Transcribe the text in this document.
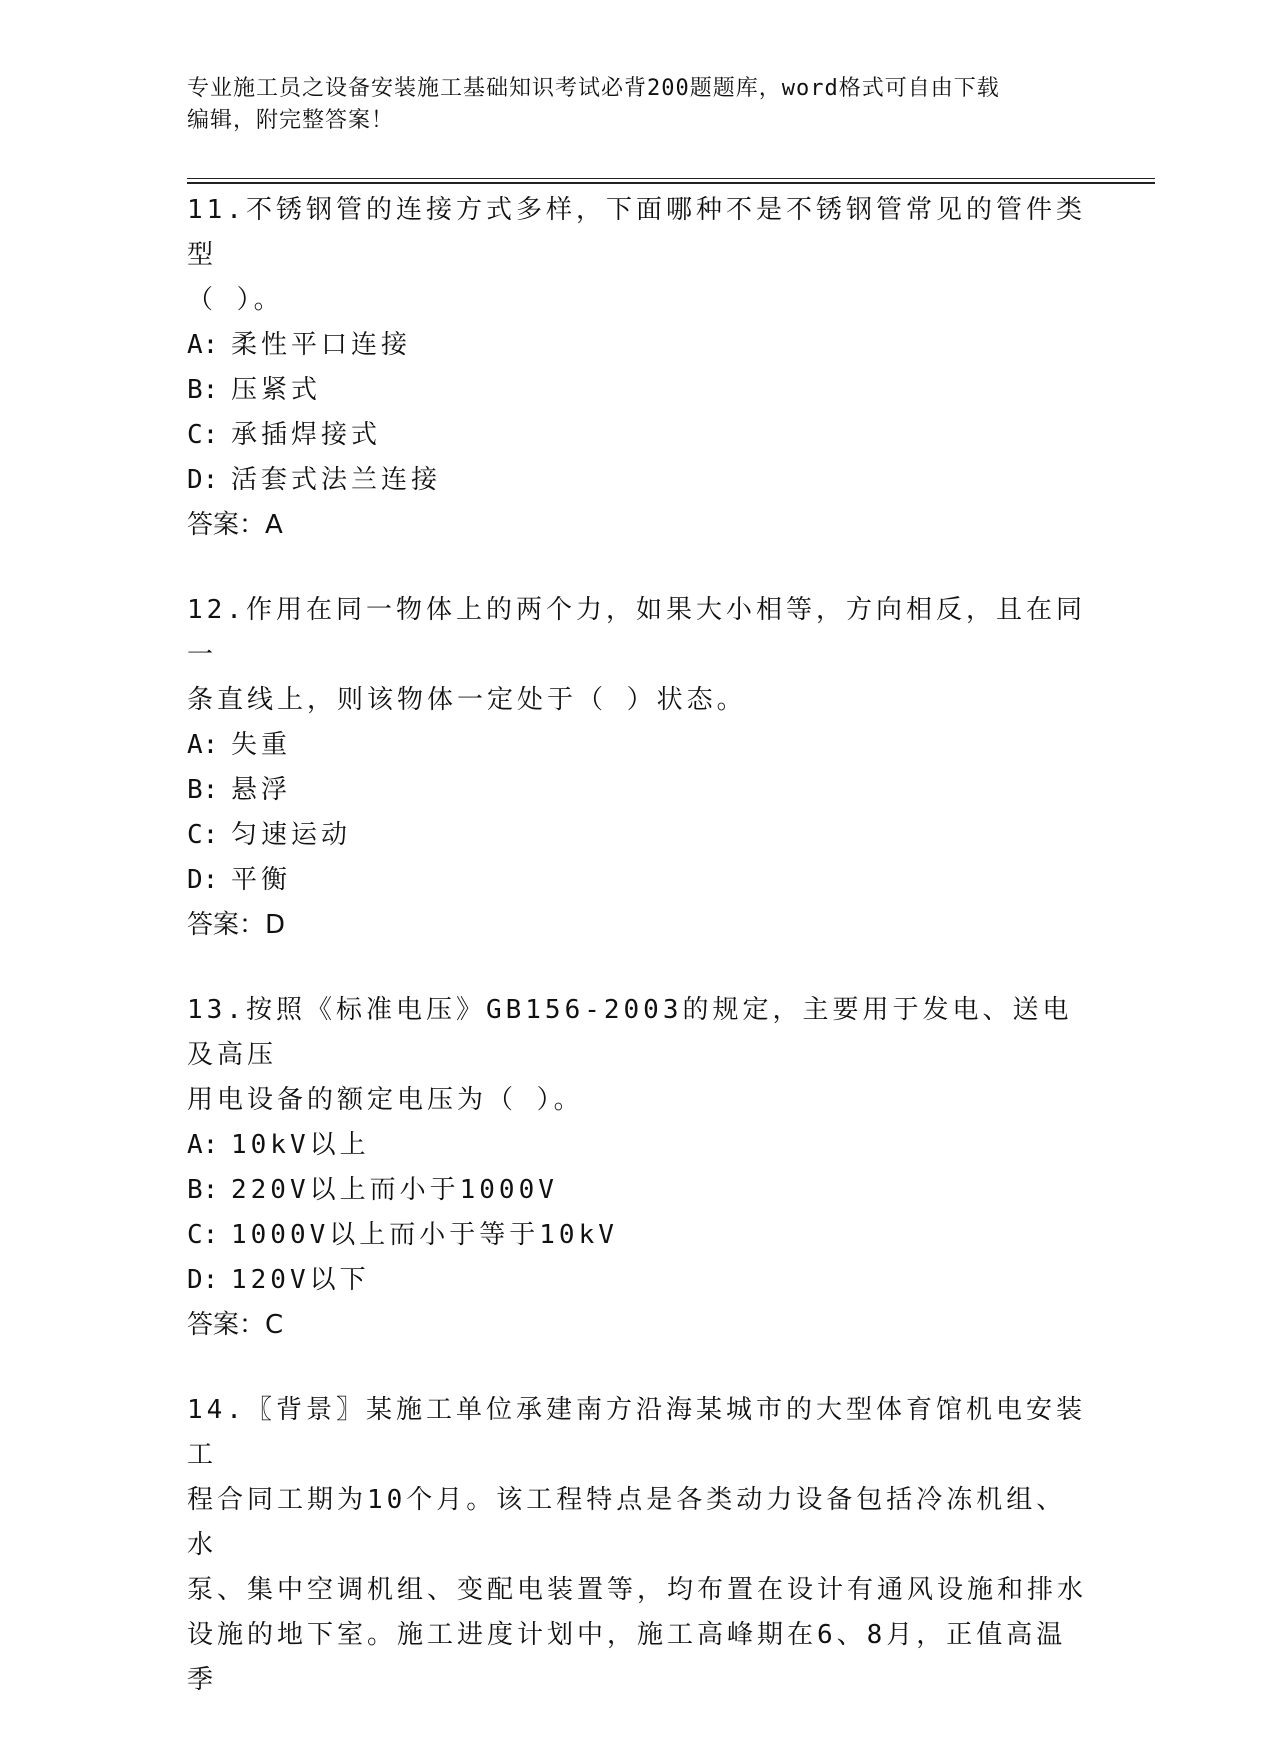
专业施工员之设备安装施工基础知识考试必背200题题库，word格式可自由下载
编辑，附完整答案！
11.不锈钢管的连接方式多样，下面哪种不是不锈钢管常见的管件类型
（ ）。
A: 柔性平口连接
B: 压紧式
C: 承插焊接式
D: 活套式法兰连接
答案：A
12.作用在同一物体上的两个力，如果大小相等，方向相反，且在同一
条直线上，则该物体一定处于（ ）状态。
A: 失重
B: 悬浮
C: 匀速运动
D: 平衡
答案：D
13.按照《标准电压》GB156-2003的规定，主要用于发电、送电及高压
用电设备的额定电压为（ ）。
A: 10kV以上
B: 220V以上而小于1000V
C: 1000V以上而小于等于10kV
D: 120V以下
答案：C
14.〖背景〗某施工单位承建南方沿海某城市的大型体育馆机电安装工
程合同工期为10个月。该工程特点是各类动力设备包括冷冻机组、水
泵、集中空调机组、变配电装置等，均布置在设计有通风设施和排水
设施的地下室。施工进度计划中，施工高峰期在6、8月，正值高温季
